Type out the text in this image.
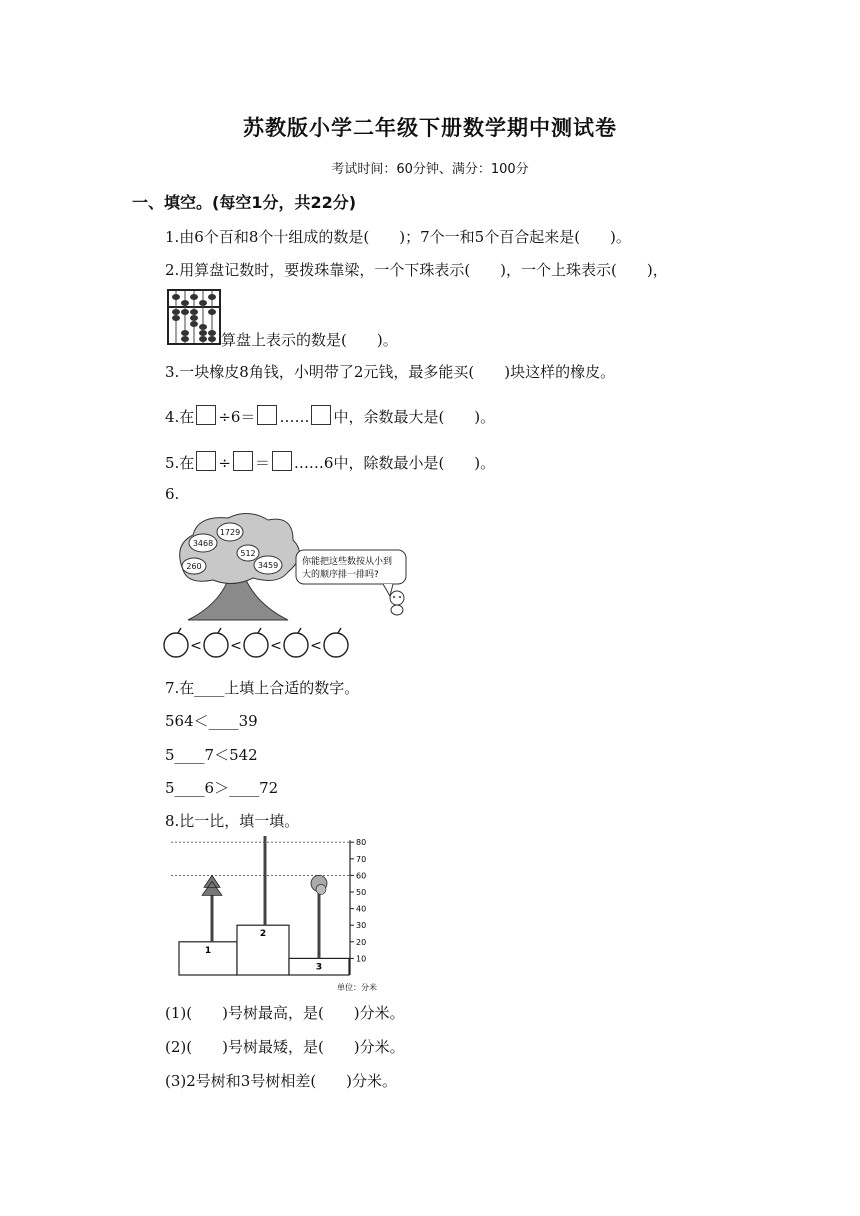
苏教版小学二年级下册数学期中测试卷
考试时间：60分钟、满分：100分
一、填空。(每空1分，共22分)
1.由6个百和8个十组成的数是(　　)；7个一和5个百合起来是(　　)。
2.用算盘记数时，要拨珠靠梁，一个下珠表示(　　)，一个上珠表示(　　)，
算盘上表示的数是(　　)。
3.一块橡皮8角钱，小明带了2元钱，最多能买(　　)块这样的橡皮。
4.在 ÷6＝ …… 中，余数最大是(　　)。
5.在 ÷ ＝ ……6中，除数最小是(　　)。
6.
3468
1729
512
260	3459	你能把这些数按从小到
大的顺序排一排吗?
< < < <
7.在____上填上合适的数字。
564＜____39
5____7＜542
5____6＞____72
8.比一比，填一填。
1
2
3
10
20
30
40
50
60
70
80
单位：分米
(1)(　　)号树最高，是(　　)分米。
(2)(　　)号树最矮，是(　　)分米。
(3)2号树和3号树相差(　　)分米。
